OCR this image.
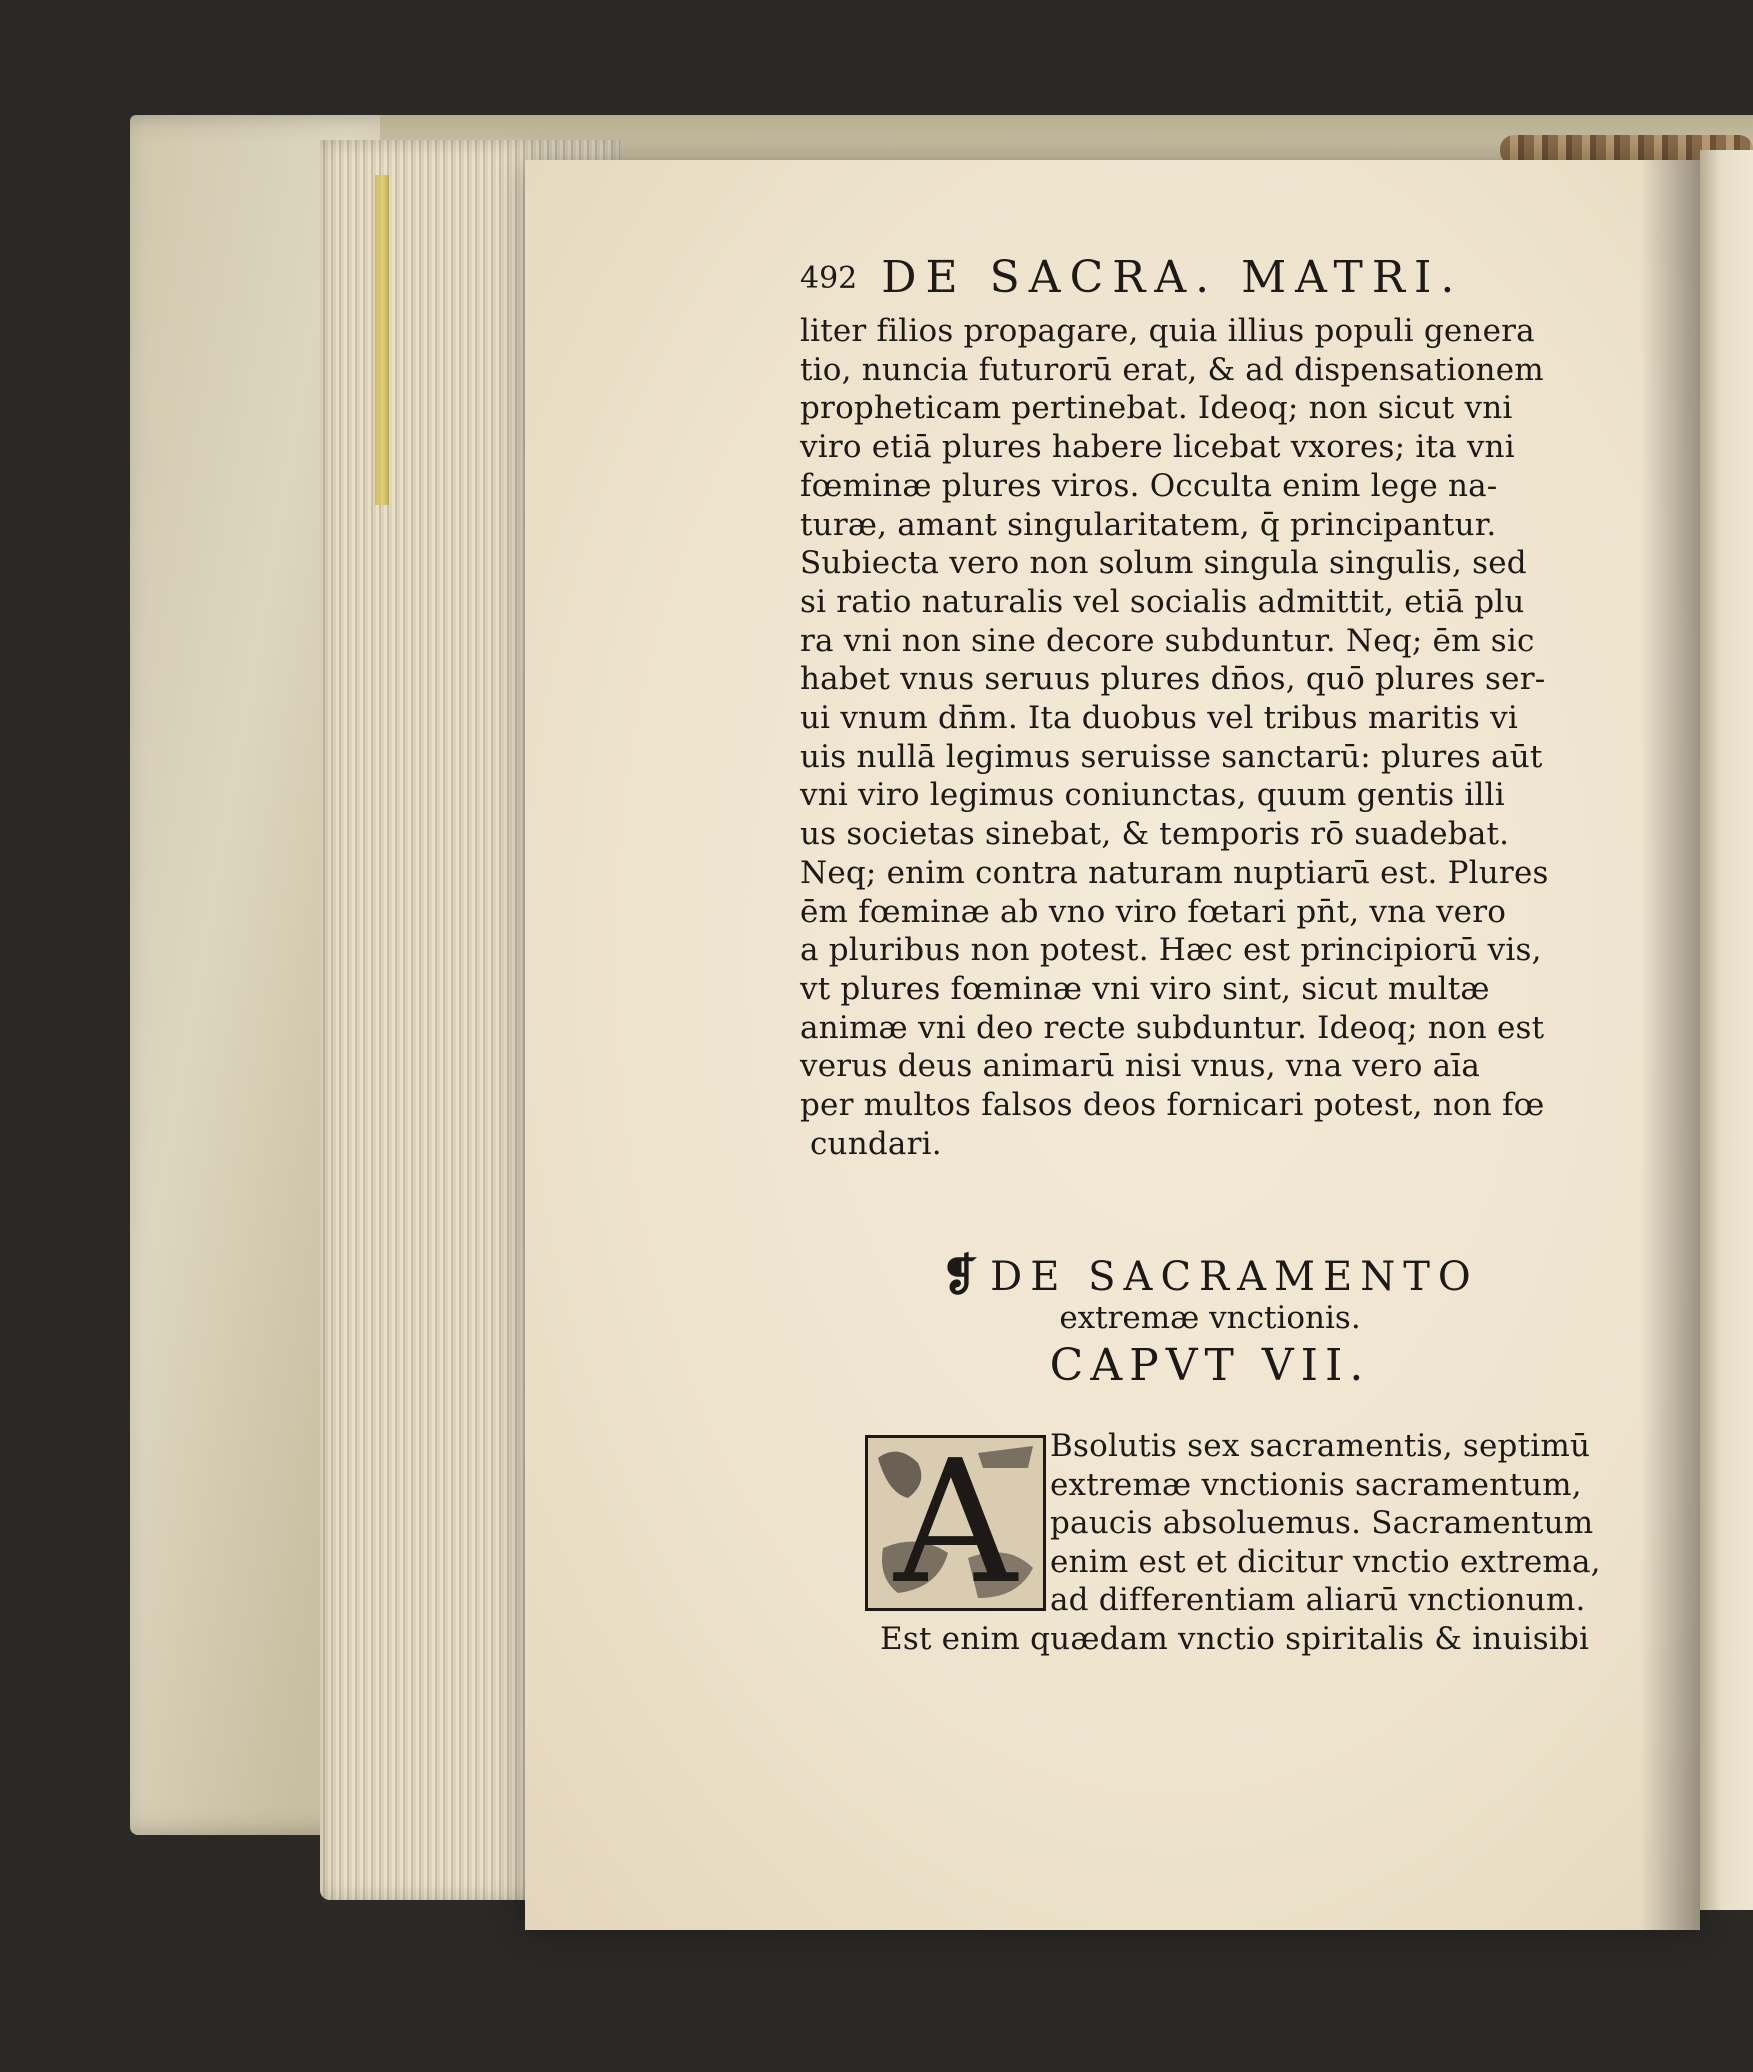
492 DE SACRA. MATRI.
liter filios propagare, quia illius populi genera
tio, nuncia futurorū erat, & ad dispensationem
propheticam pertinebat. Ideoq; non sicut vni
viro etiā plures habere licebat vxores; ita vni
fœminæ plures viros. Occulta enim lege na-
turæ, amant singularitatem, q̄ principantur.
Subiecta vero non solum singula singulis, sed
si ratio naturalis vel socialis admittit, etiā plu
ra vni non sine decore subduntur. Neq; ēm sic
habet vnus seruus plures dn̄os, quō plures ser-
ui vnum dn̄m. Ita duobus vel tribus maritis vi
uis nullā legimus seruisse sanctarū: plures aūt
vni viro legimus coniunctas, quum gentis illi
us societas sinebat, & temporis rō suadebat.
Neq; enim contra naturam nuptiarū est. Plures
ēm fœminæ ab vno viro fœtari pn̄t, vna vero
a pluribus non potest. Hæc est principiorū vis,
vt plures fœminæ vni viro sint, sicut multæ
animæ vni deo recte subduntur. Ideoq; non est
verus deus animarū nisi vnus, vna vero aīa
per multos falsos deos fornicari potest, non fœ
cundari.
❡ DE SACRAMENTO
extremæ vnctionis.
CAPVT VII.
A	Bsolutis sex sacramentis, septimū
extremæ vnctionis sacramentum,
paucis absoluemus. Sacramentum
enim est et dicitur vnctio extrema,
ad differentiam aliarū vnctionum.
Est enim quædam vnctio spiritalis & inuisibi
